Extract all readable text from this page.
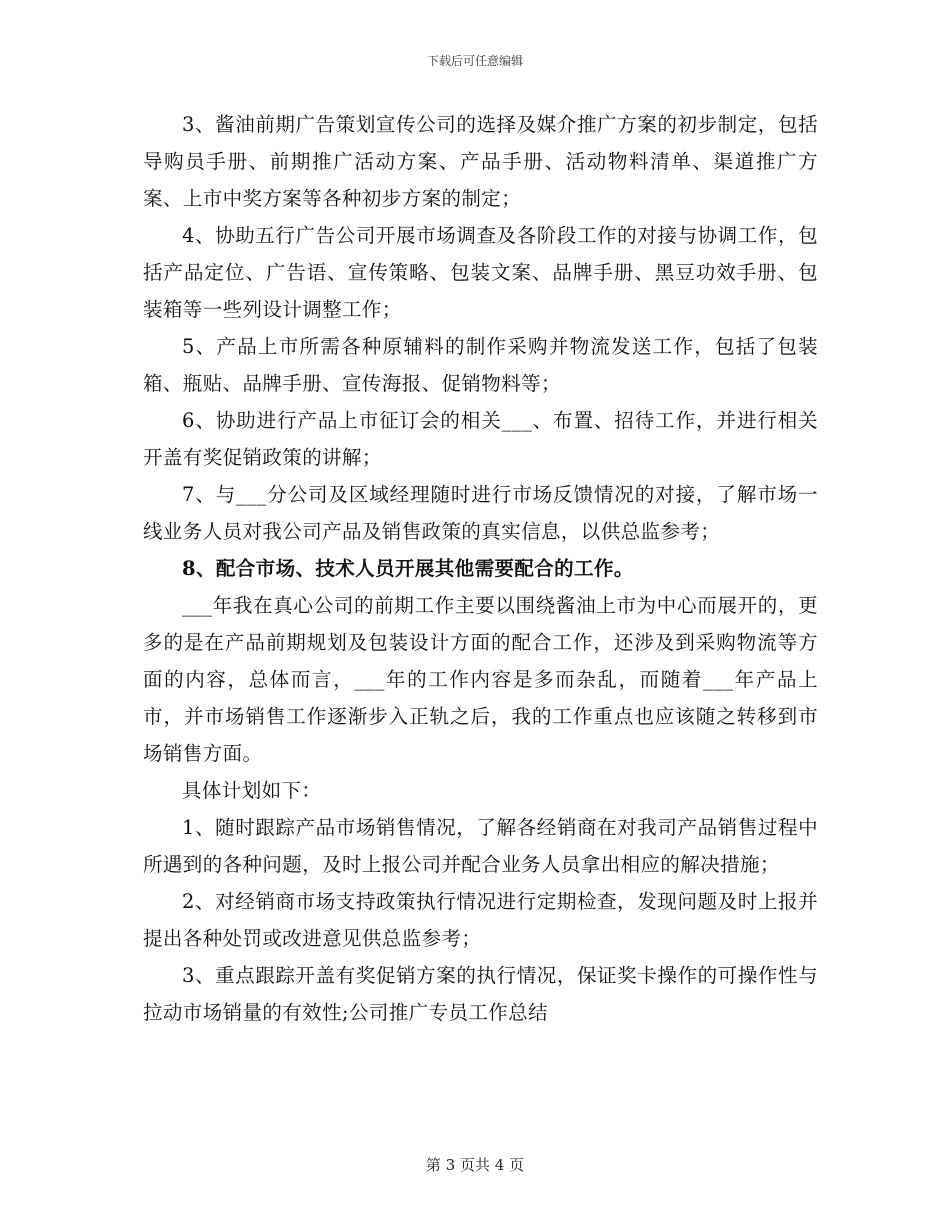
下载后可任意编辑

3、酱油前期广告策划宣传公司的选择及媒介推广方案的初步制定，包括导购员手册、前期推广活动方案、产品手册、活动物料清单、渠道推广方案、上市中奖方案等各种初步方案的制定；

4、协助五行广告公司开展市场调查及各阶段工作的对接与协调工作，包括产品定位、广告语、宣传策略、包装文案、品牌手册、黑豆功效手册、包装箱等一些列设计调整工作；

5、产品上市所需各种原辅料的制作采购并物流发送工作，包括了包装箱、瓶贴、品牌手册、宣传海报、促销物料等；

6、协助进行产品上市征订会的相关___、布置、招待工作，并进行相关开盖有奖促销政策的讲解；

7、与___分公司及区域经理随时进行市场反馈情况的对接，了解市场一线业务人员对我公司产品及销售政策的真实信息，以供总监参考；

8、配合市场、技术人员开展其他需要配合的工作。

___年我在真心公司的前期工作主要以围绕酱油上市为中心而展开的，更多的是在产品前期规划及包装设计方面的配合工作，还涉及到采购物流等方面的内容，总体而言，___年的工作内容是多而杂乱，而随着___年产品上市，并市场销售工作逐渐步入正轨之后，我的工作重点也应该随之转移到市场销售方面。

具体计划如下：

1、随时跟踪产品市场销售情况，了解各经销商在对我司产品销售过程中所遇到的各种问题，及时上报公司并配合业务人员拿出相应的解决措施；

2、对经销商市场支持政策执行情况进行定期检查，发现问题及时上报并提出各种处罚或改进意见供总监参考；

3、重点跟踪开盖有奖促销方案的执行情况，保证奖卡操作的可操作性与拉动市场销量的有效性;公司推广专员工作总结

第 3 页共 4 页
